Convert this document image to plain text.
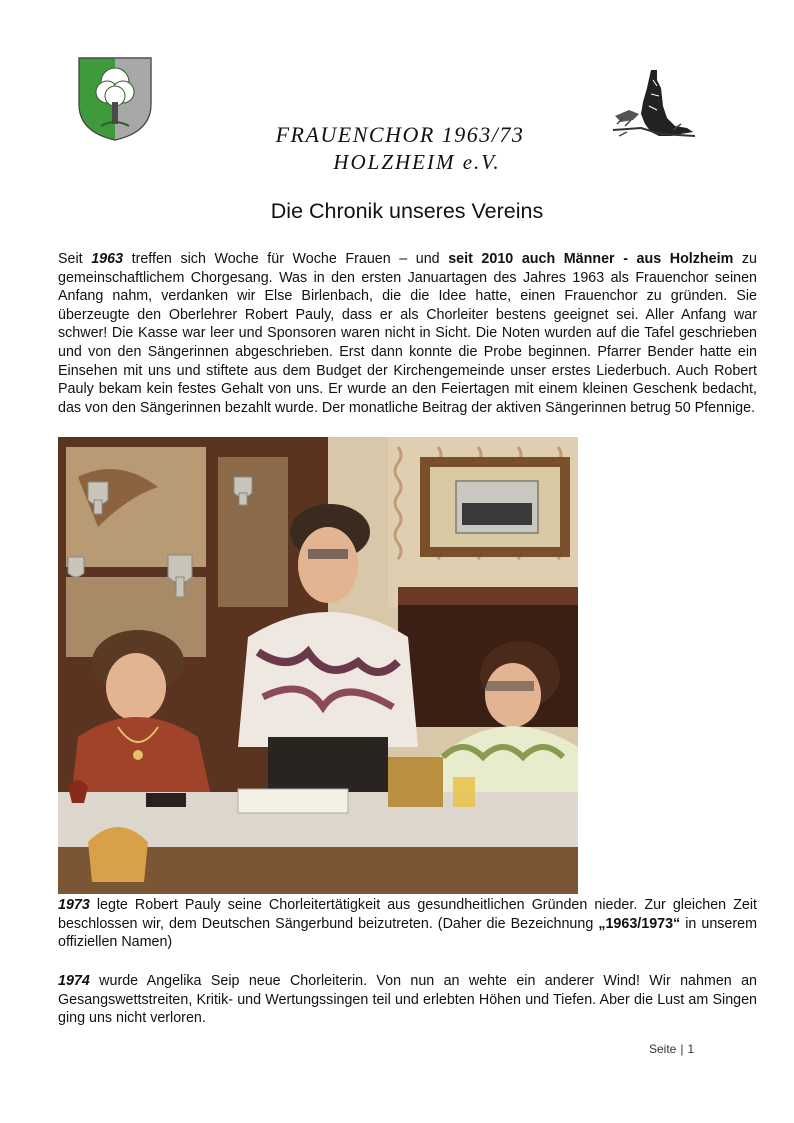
FRAUENCHOR 1963/73
HOLZHEIM e.V.
Die Chronik unseres Vereins
Seit 1963 treffen sich Woche für Woche Frauen – und seit 2010 auch Männer - aus Holzheim zu gemeinschaftlichem Chorgesang. Was in den ersten Januartagen des Jahres 1963 als Frauenchor seinen Anfang nahm, verdanken wir Else Birlenbach, die die Idee hatte, einen Frauenchor zu gründen. Sie überzeugte den Oberlehrer Robert Pauly, dass er als Chorleiter bestens geeignet sei. Aller Anfang war schwer! Die Kasse war leer und Sponsoren waren nicht in Sicht. Die Noten wurden auf die Tafel geschrieben und von den Sängerinnen abgeschrieben. Erst dann konnte die Probe beginnen. Pfarrer Bender hatte ein Einsehen mit uns und stiftete aus dem Budget der Kirchengemeinde unser erstes Liederbuch. Auch Robert Pauly bekam kein festes Gehalt von uns. Er wurde an den Feiertagen mit einem kleinen Geschenk bedacht, das von den Sängerinnen bezahlt wurde. Der monatliche Beitrag der aktiven Sängerinnen betrug 50 Pfennige.
1973 legte Robert Pauly seine Chorleitertätigkeit aus gesundheitlichen Gründen nieder. Zur gleichen Zeit beschlossen wir, dem Deutschen Sängerbund beizutreten. (Daher die Bezeichnung „1963/1973“ in unserem offiziellen Namen)
1974 wurde Angelika Seip neue Chorleiterin. Von nun an wehte ein anderer Wind! Wir nahmen an Gesangswettstreiten, Kritik- und Wertungssingen teil und erlebten Höhen und Tiefen. Aber die Lust am Singen ging uns nicht verloren.
Seite | 1
